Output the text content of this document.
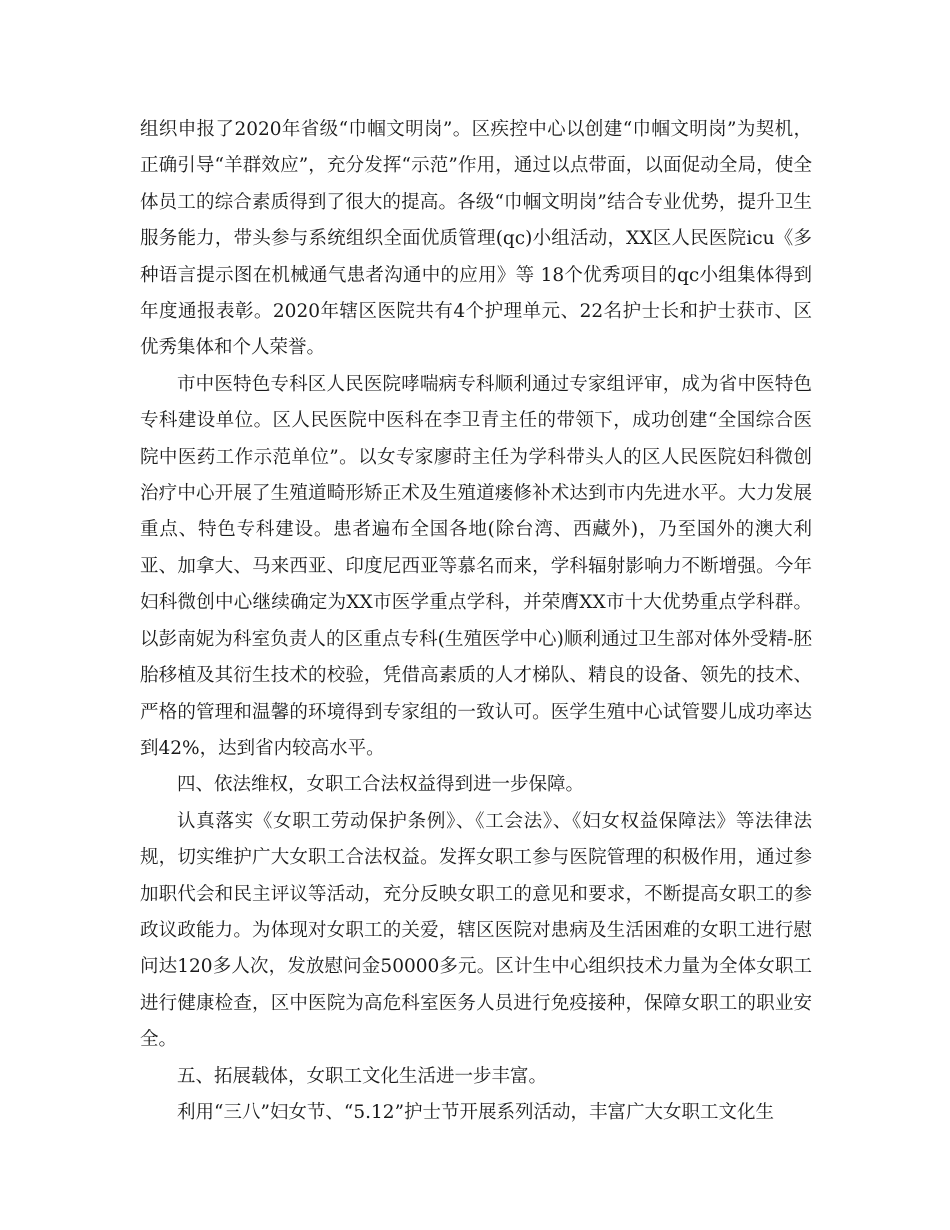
组织申报了2020年省级“巾帼文明岗”。区疾控中心以创建“巾帼文明岗”为契机，正确引导“羊群效应”，充分发挥“示范”作用，通过以点带面，以面促动全局，使全体员工的综合素质得到了很大的提高。各级“巾帼文明岗”结合专业优势，提升卫生服务能力，带头参与系统组织全面优质管理(qc)小组活动，XX区人民医院icu《多种语言提示图在机械通气患者沟通中的应用》等 18个优秀项目的qc小组集体得到年度通报表彰。2020年辖区医院共有4个护理单元、22名护士长和护士获市、区优秀集体和个人荣誉。

市中医特色专科区人民医院哮喘病专科顺利通过专家组评审，成为省中医特色专科建设单位。区人民医院中医科在李卫青主任的带领下，成功创建“全国综合医院中医药工作示范单位”。以女专家廖莳主任为学科带头人的区人民医院妇科微创治疗中心开展了生殖道畸形矫正术及生殖道瘘修补术达到市内先进水平。大力发展重点、特色专科建设。患者遍布全国各地(除台湾、西藏外)，乃至国外的澳大利亚、加拿大、马来西亚、印度尼西亚等慕名而来，学科辐射影响力不断增强。今年妇科微创中心继续确定为XX市医学重点学科，并荣膺XX市十大优势重点学科群。以彭南妮为科室负责人的区重点专科(生殖医学中心)顺利通过卫生部对体外受精-胚胎移植及其衍生技术的校验，凭借高素质的人才梯队、精良的设备、领先的技术、严格的管理和温馨的环境得到专家组的一致认可。医学生殖中心试管婴儿成功率达到42%，达到省内较高水平。

四、依法维权，女职工合法权益得到进一步保障。

认真落实《女职工劳动保护条例》、《工会法》、《妇女权益保障法》等法律法规，切实维护广大女职工合法权益。发挥女职工参与医院管理的积极作用，通过参加职代会和民主评议等活动，充分反映女职工的意见和要求，不断提高女职工的参政议政能力。为体现对女职工的关爱，辖区医院对患病及生活困难的女职工进行慰问达120多人次，发放慰问金50000多元。区计生中心组织技术力量为全体女职工进行健康检查，区中医院为高危科室医务人员进行免疫接种，保障女职工的职业安全。

五、拓展载体，女职工文化生活进一步丰富。

利用“三八”妇女节、“5.12”护士节开展系列活动，丰富广大女职工文化生
